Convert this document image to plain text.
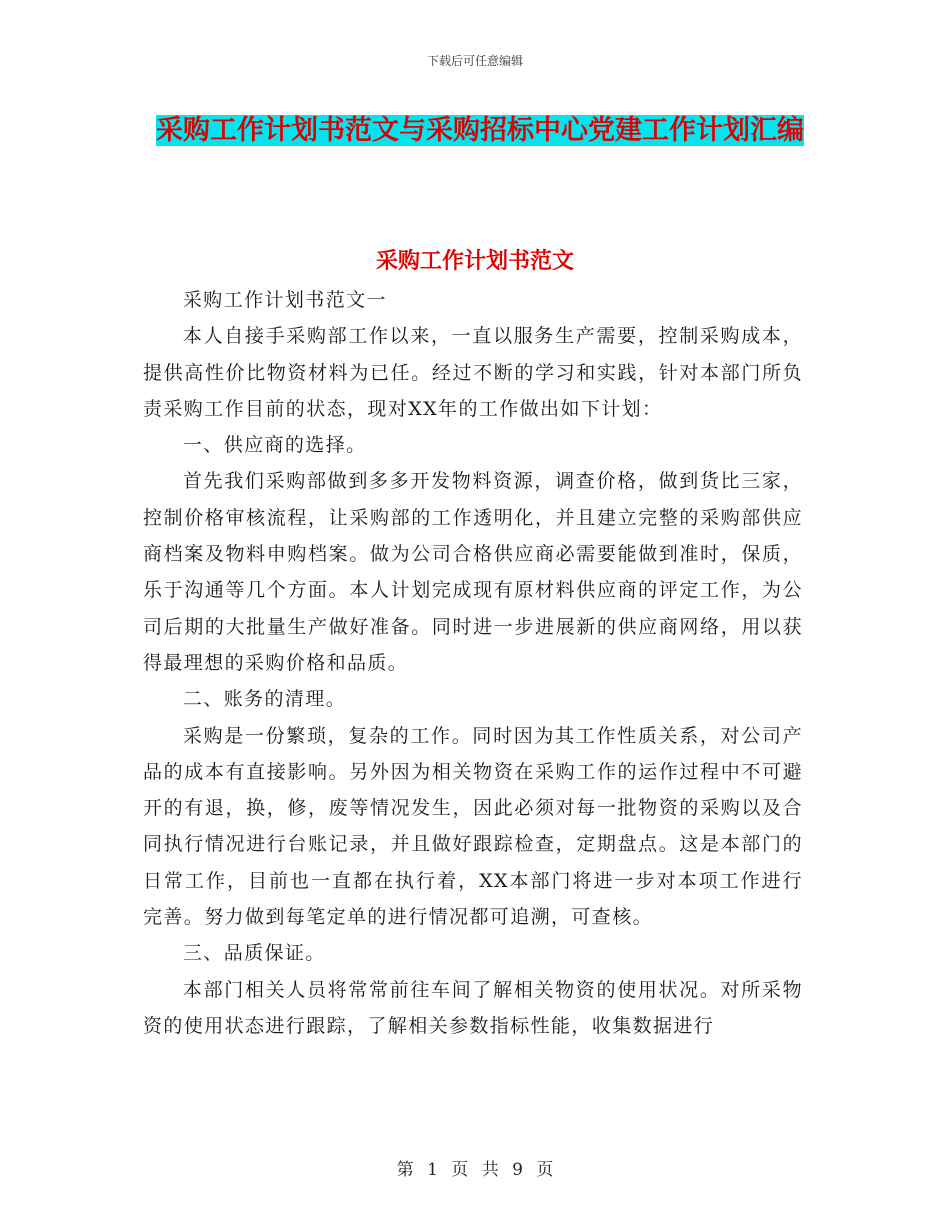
下载后可任意编辑
采购工作计划书范文与采购招标中心党建工作计划汇编
采购工作计划书范文

采购工作计划书范文一

本人自接手采购部工作以来，一直以服务生产需要，控制采购成本，提供高性价比物资材料为已任。经过不断的学习和实践，针对本部门所负责采购工作目前的状态，现对XX年的工作做出如下计划：

一、供应商的选择。

首先我们采购部做到多多开发物料资源，调查价格，做到货比三家，控制价格审核流程，让采购部的工作透明化，并且建立完整的采购部供应商档案及物料申购档案。做为公司合格供应商必需要能做到准时，保质，乐于沟通等几个方面。本人计划完成现有原材料供应商的评定工作，为公司后期的大批量生产做好准备。同时进一步进展新的供应商网络，用以获得最理想的采购价格和品质。

二、账务的清理。

采购是一份繁琐，复杂的工作。同时因为其工作性质关系，对公司产品的成本有直接影响。另外因为相关物资在采购工作的运作过程中不可避开的有退，换，修，废等情况发生，因此必须对每一批物资的采购以及合同执行情况进行台账记录，并且做好跟踪检查，定期盘点。这是本部门的日常工作，目前也一直都在执行着，XX本部门将进一步对本项工作进行完善。努力做到每笔定单的进行情况都可追溯，可查核。

三、品质保证。

本部门相关人员将常常前往车间了解相关物资的使用状况。对所采物资的使用状态进行跟踪，了解相关参数指标性能，收集数据进行

第 1 页 共 9 页
